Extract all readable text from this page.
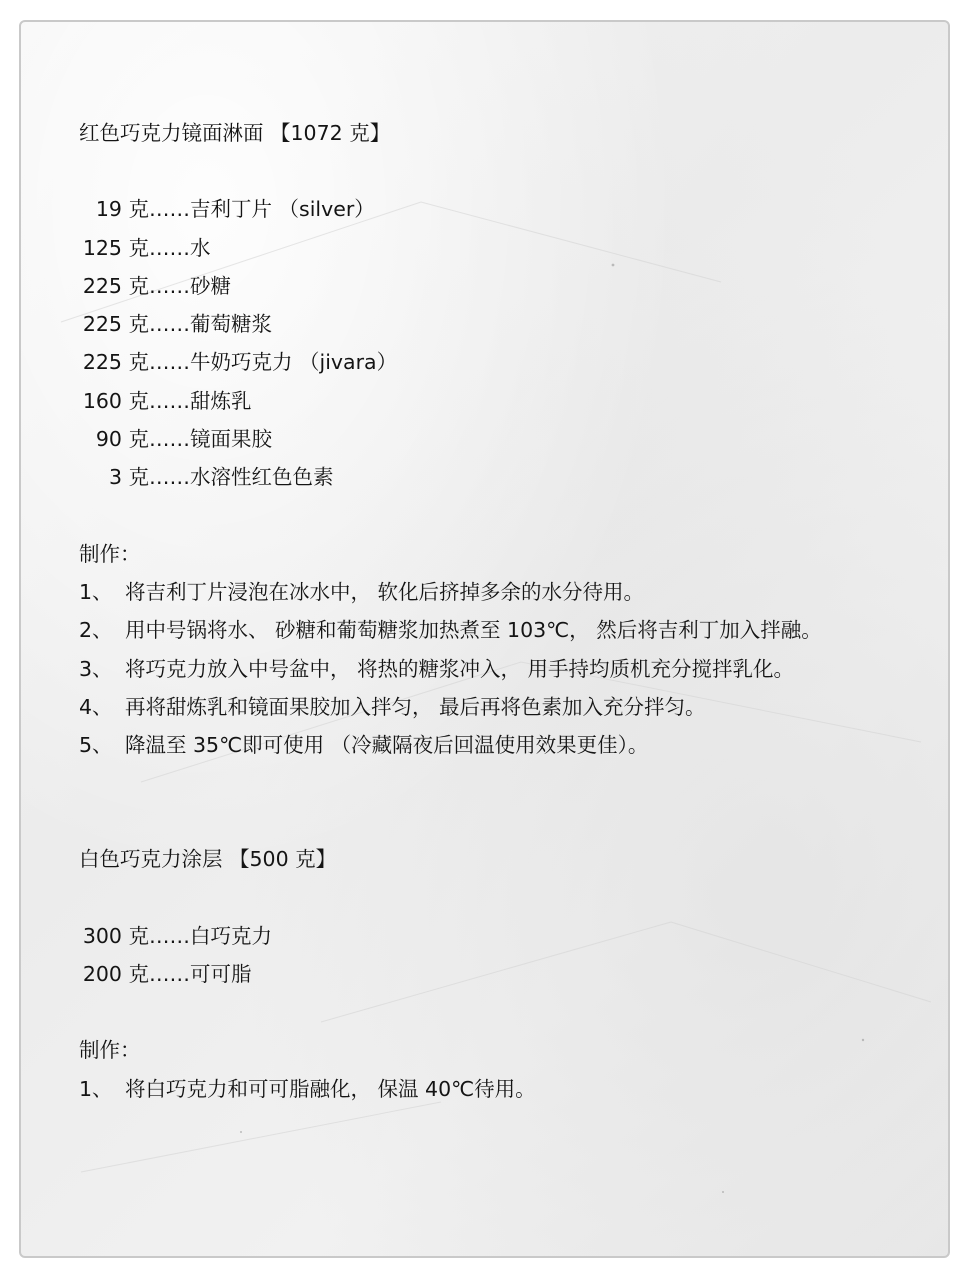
红色巧克力镜面淋面 【1072 克】
19 克 ……吉利丁片 （silver）
125 克 ……水
225 克 ……砂糖
225 克 ……葡萄糖浆
225 克 ……牛奶巧克力 （jivara）
160 克 ……甜炼乳
90 克 ……镜面果胶
3 克 ……水溶性红色色素
制作：
1、 将吉利丁片浸泡在冰水中， 软化后挤掉多余的水分待用。
2、 用中号锅将水、 砂糖和葡萄糖浆加热煮至 103℃， 然后将吉利丁加入拌融。
3、 将巧克力放入中号盆中， 将热的糖浆冲入， 用手持均质机充分搅拌乳化。
4、 再将甜炼乳和镜面果胶加入拌匀， 最后再将色素加入充分拌匀。
5、 降温至 35℃即可使用 （冷藏隔夜后回温使用效果更佳）。
白色巧克力涂层 【500 克】
300 克 ……白巧克力
200 克 ……可可脂
制作：
1、 将白巧克力和可可脂融化， 保温 40℃待用。
